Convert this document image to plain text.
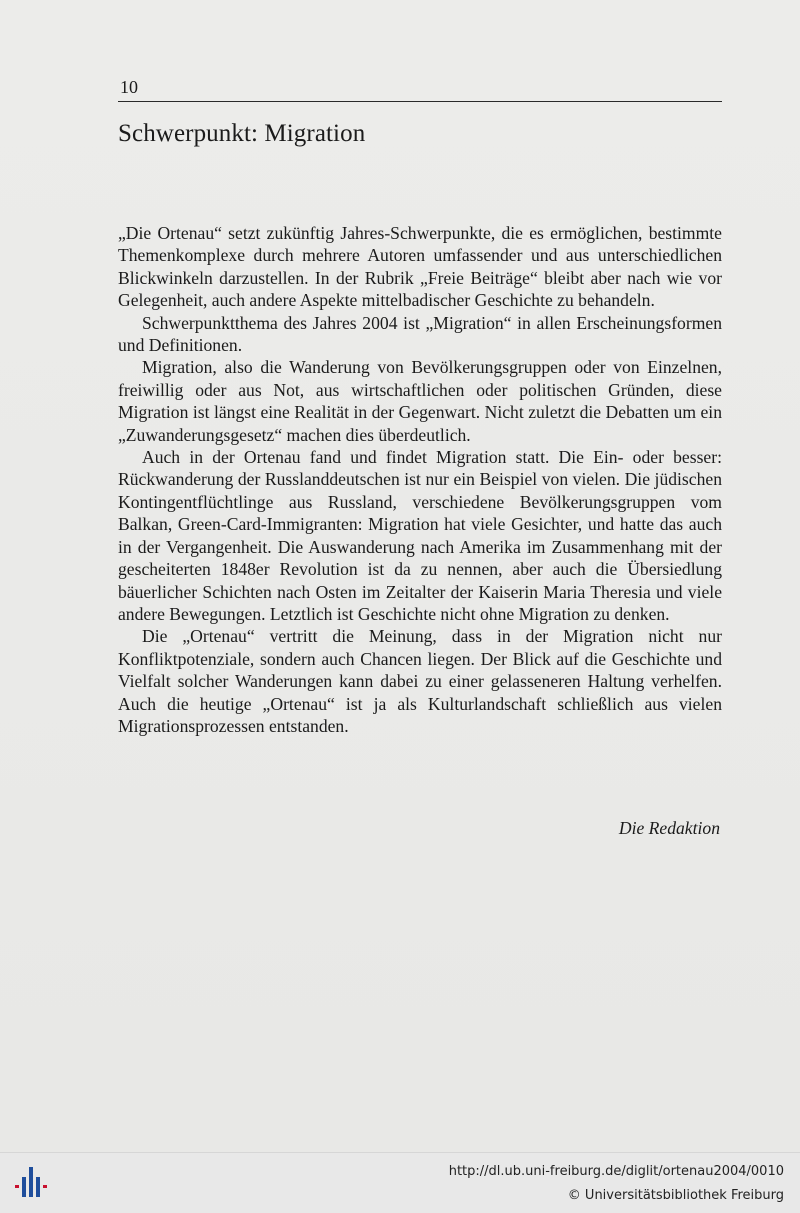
10
Schwerpunkt: Migration

„Die Ortenau“ setzt zukünftig Jahres-Schwerpunkte, die es ermöglichen, bestimmte Themenkomplexe durch mehrere Autoren umfassender und aus unterschiedlichen Blickwinkeln darzustellen. In der Rubrik „Freie Beiträge“ bleibt aber nach wie vor Gelegenheit, auch andere Aspekte mittelbadischer Geschichte zu behandeln.

Schwerpunktthema des Jahres 2004 ist „Migration“ in allen Erscheinungsformen und Definitionen.

Migration, also die Wanderung von Bevölkerungsgruppen oder von Einzelnen, freiwillig oder aus Not, aus wirtschaftlichen oder politischen Gründen, diese Migration ist längst eine Realität in der Gegenwart. Nicht zuletzt die Debatten um ein „Zuwanderungsgesetz“ machen dies überdeutlich.

Auch in der Ortenau fand und findet Migration statt. Die Ein- oder besser: Rückwanderung der Russlanddeutschen ist nur ein Beispiel von vielen. Die jüdischen Kontingentflüchtlinge aus Russland, verschiedene Bevölkerungsgruppen vom Balkan, Green-Card-Immigranten: Migration hat viele Gesichter, und hatte das auch in der Vergangenheit. Die Auswanderung nach Amerika im Zusammenhang mit der gescheiterten 1848er Revolution ist da zu nennen, aber auch die Übersiedlung bäuerlicher Schichten nach Osten im Zeitalter der Kaiserin Maria Theresia und viele andere Bewegungen. Letztlich ist Geschichte nicht ohne Migration zu denken.

Die „Ortenau“ vertritt die Meinung, dass in der Migration nicht nur Konfliktpotenziale, sondern auch Chancen liegen. Der Blick auf die Geschichte und Vielfalt solcher Wanderungen kann dabei zu einer gelasseneren Haltung verhelfen. Auch die heutige „Ortenau“ ist ja als Kulturlandschaft schließlich aus vielen Migrationsprozessen entstanden.

Die Redaktion
http://dl.ub.uni-freiburg.de/diglit/ortenau2004/0010
© Universitätsbibliothek Freiburg
